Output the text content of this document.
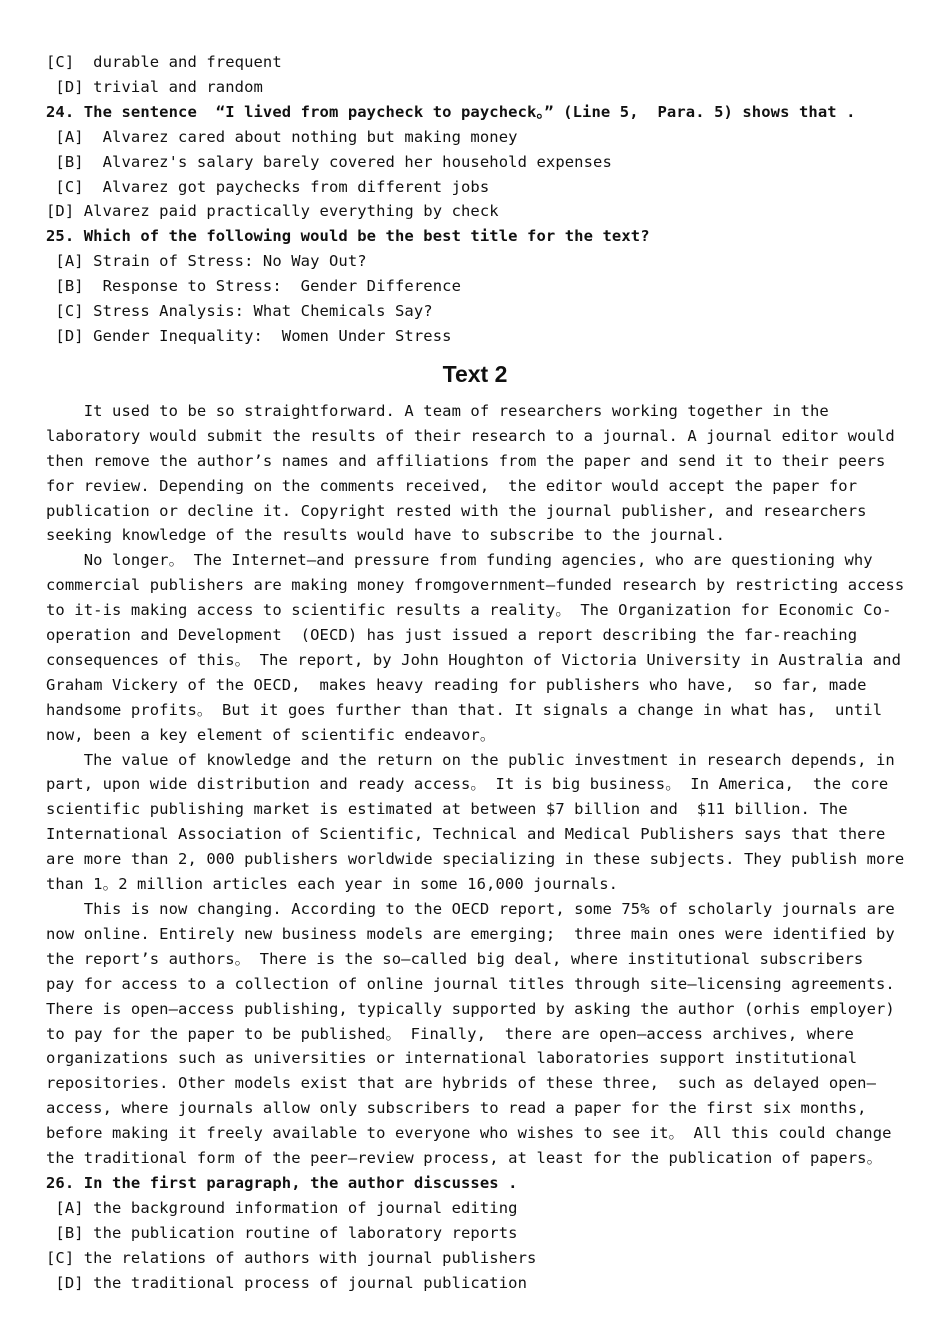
[C]  durable and frequent
[D] trivial and random
24. The sentence  “I lived from paycheck to paycheck。” (Line 5,  Para. 5) shows that .
[A]  Alvarez cared about nothing but making money
[B]  Alvarez's salary barely covered her household expenses
[C]  Alvarez got paychecks from different jobs
[D] Alvarez paid practically everything by check
25. Which of the following would be the best title for the text?
[A] Strain of Stress: No Way Out?
[B]  Response to Stress:  Gender Difference
[C] Stress Analysis: What Chemicals Say?
[D] Gender Inequality:  Women Under Stress
Text 2
It used to be so straightforward. A team of researchers working together in the
laboratory would submit the results of their research to a journal. A journal editor would
then remove the author’s names and affiliations from the paper and send it to their peers
for review. Depending on the comments received,  the editor would accept the paper for
publication or decline it. Copyright rested with the journal publisher, and researchers
seeking knowledge of the results would have to subscribe to the journal.
No longer。 The Internet—and pressure from funding agencies, who are questioning why
commercial publishers are making money fromgovernment–funded research by restricting access
to it-is making access to scientific results a reality。 The Organization for Economic Co-
operation and Development  (OECD) has just issued a report describing the far-reaching
consequences of this。 The report, by John Houghton of Victoria University in Australia and
Graham Vickery of the OECD,  makes heavy reading for publishers who have,  so far, made
handsome profits。 But it goes further than that. It signals a change in what has,  until
now, been a key element of scientific endeavor。
The value of knowledge and the return on the public investment in research depends, in
part, upon wide distribution and ready access。 It is big business。 In America,  the core
scientific publishing market is estimated at between $7 billion and  $11 billion. The
International Association of Scientific, Technical and Medical Publishers says that there
are more than 2, 000 publishers worldwide specializing in these subjects. They publish more
than 1。2 million articles each year in some 16,000 journals.
This is now changing. According to the OECD report, some 75% of scholarly journals are
now online. Entirely new business models are emerging;  three main ones were identified by
the report’s authors。 There is the so—called big deal, where institutional subscribers
pay for access to a collection of online journal titles through site—licensing agreements.
There is open—access publishing, typically supported by asking the author (orhis employer)
to pay for the paper to be published。 Finally,  there are open—access archives, where
organizations such as universities or international laboratories support institutional
repositories. Other models exist that are hybrids of these three,  such as delayed open—
access, where journals allow only subscribers to read a paper for the first six months,
before making it freely available to everyone who wishes to see it。 All this could change
the traditional form of the peer—review process, at least for the publication of papers。
26. In the first paragraph, the author discusses .
[A] the background information of journal editing
[B] the publication routine of laboratory reports
[C] the relations of authors with journal publishers
[D] the traditional process of journal publication
